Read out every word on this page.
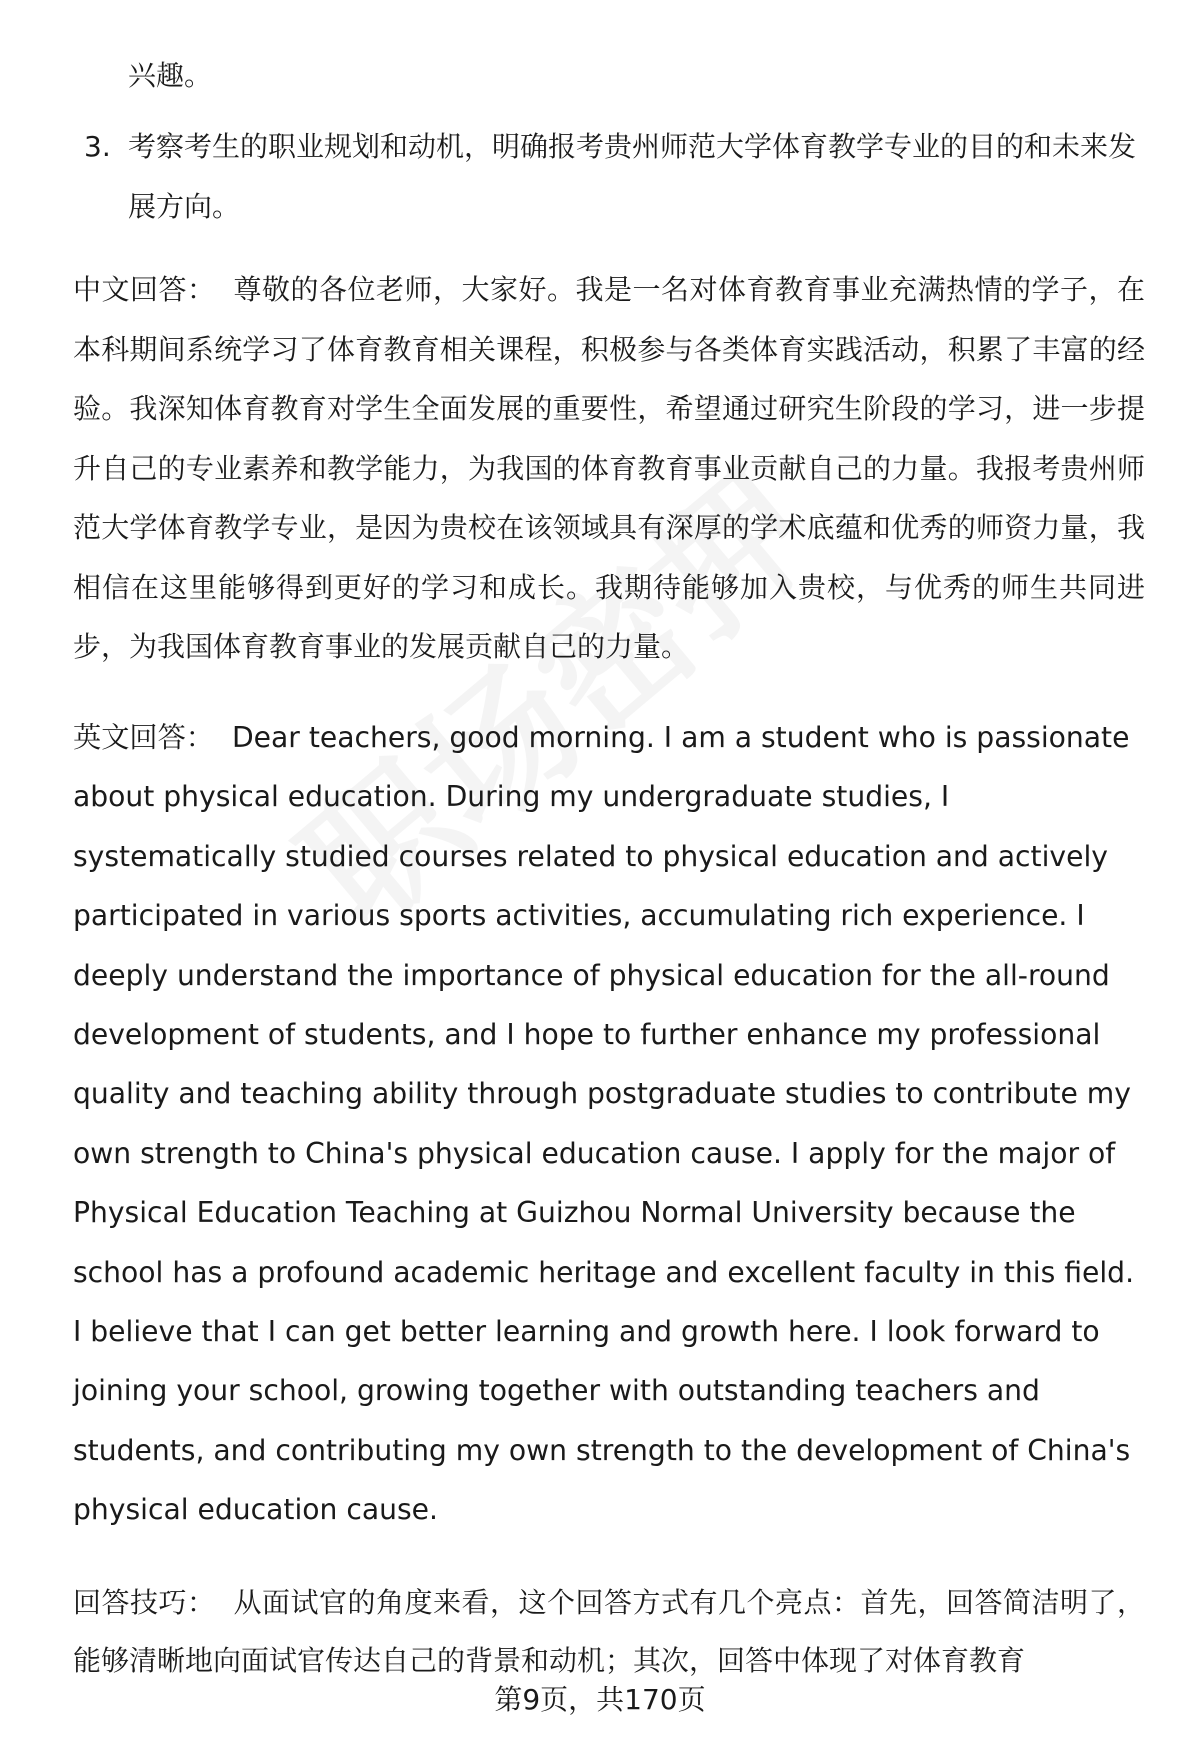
兴趣。

3. 考察考生的职业规划和动机，明确报考贵州师范大学体育教学专业的目的和未来发展方向。

中文回答： 尊敬的各位老师，大家好。我是一名对体育教育事业充满热情的学子，在本科期间系统学习了体育教育相关课程，积极参与各类体育实践活动，积累了丰富的经验。我深知体育教育对学生全面发展的重要性，希望通过研究生阶段的学习，进一步提升自己的专业素养和教学能力，为我国的体育教育事业贡献自己的力量。我报考贵州师范大学体育教学专业，是因为贵校在该领域具有深厚的学术底蕴和优秀的师资力量，我相信在这里能够得到更好的学习和成长。我期待能够加入贵校，与优秀的师生共同进步，为我国体育教育事业的发展贡献自己的力量。

英文回答： Dear teachers, good morning. I am a student who is passionate about physical education. During my undergraduate studies, I systematically studied courses related to physical education and actively participated in various sports activities, accumulating rich experience. I deeply understand the importance of physical education for the all-round development of students, and I hope to further enhance my professional quality and teaching ability through postgraduate studies to contribute my own strength to China's physical education cause. I apply for the major of Physical Education Teaching at Guizhou Normal University because the school has a profound academic heritage and excellent faculty in this field. I believe that I can get better learning and growth here. I look forward to joining your school, growing together with outstanding teachers and students, and contributing my own strength to the development of China's physical education cause.

回答技巧： 从面试官的角度来看，这个回答方式有几个亮点：首先，回答简洁明了，能够清晰地向面试官传达自己的背景和动机；其次，回答中体现了对体育教育

第9页，共170页
